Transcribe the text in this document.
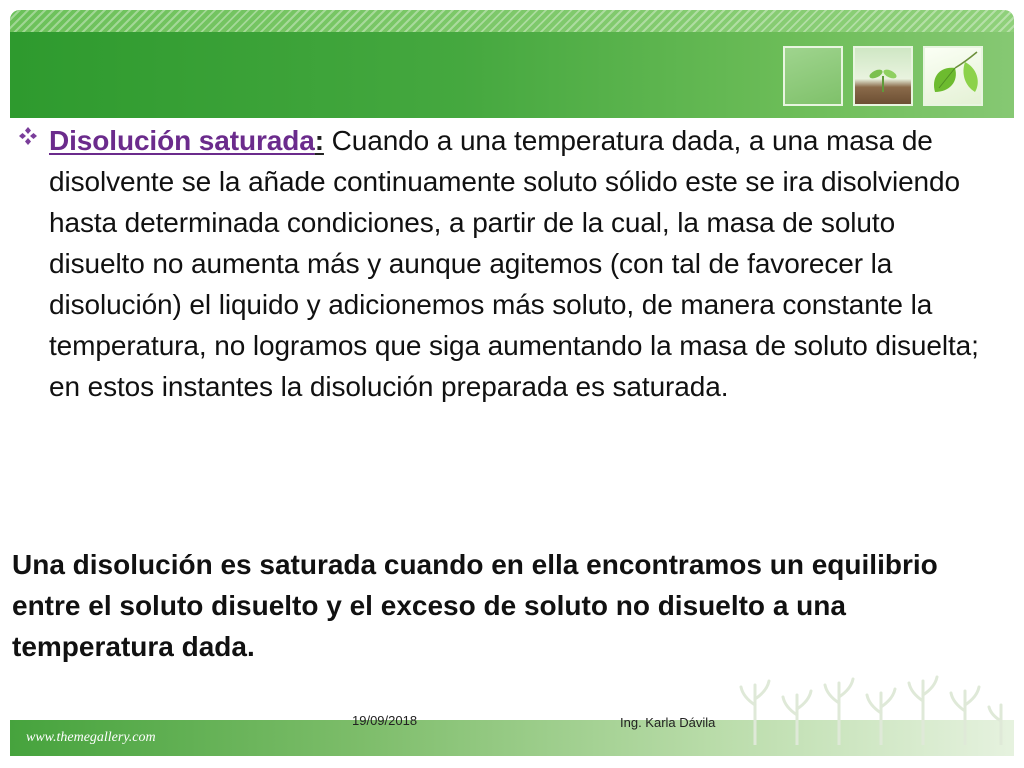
Disolución saturada: Cuando a una temperatura dada, a una masa de disolvente se la añade continuamente soluto sólido este se ira disolviendo hasta determinada condiciones, a partir de la cual, la masa de soluto disuelto no aumenta más y aunque agitemos (con tal de favorecer la disolución) el liquido y adicionemos más soluto, de manera constante la temperatura, no logramos que siga aumentando la masa de soluto disuelta; en estos instantes la disolución preparada es saturada.

Una disolución es saturada cuando en ella encontramos un equilibrio entre el soluto disuelto y el exceso de soluto no disuelto a una temperatura dada.

www.themegallery.com
19/09/2018	Ing. Karla Dávila
